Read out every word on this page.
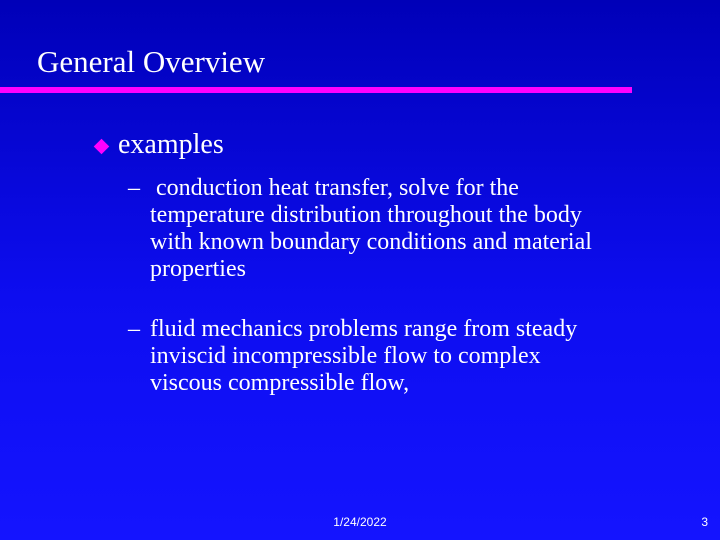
General Overview
examples
– conduction heat transfer, solve for the
temperature distribution throughout the body
with known boundary conditions and material
properties
– fluid mechanics problems range from steady
inviscid incompressible flow to complex
viscous compressible flow,
1/24/2022	3
